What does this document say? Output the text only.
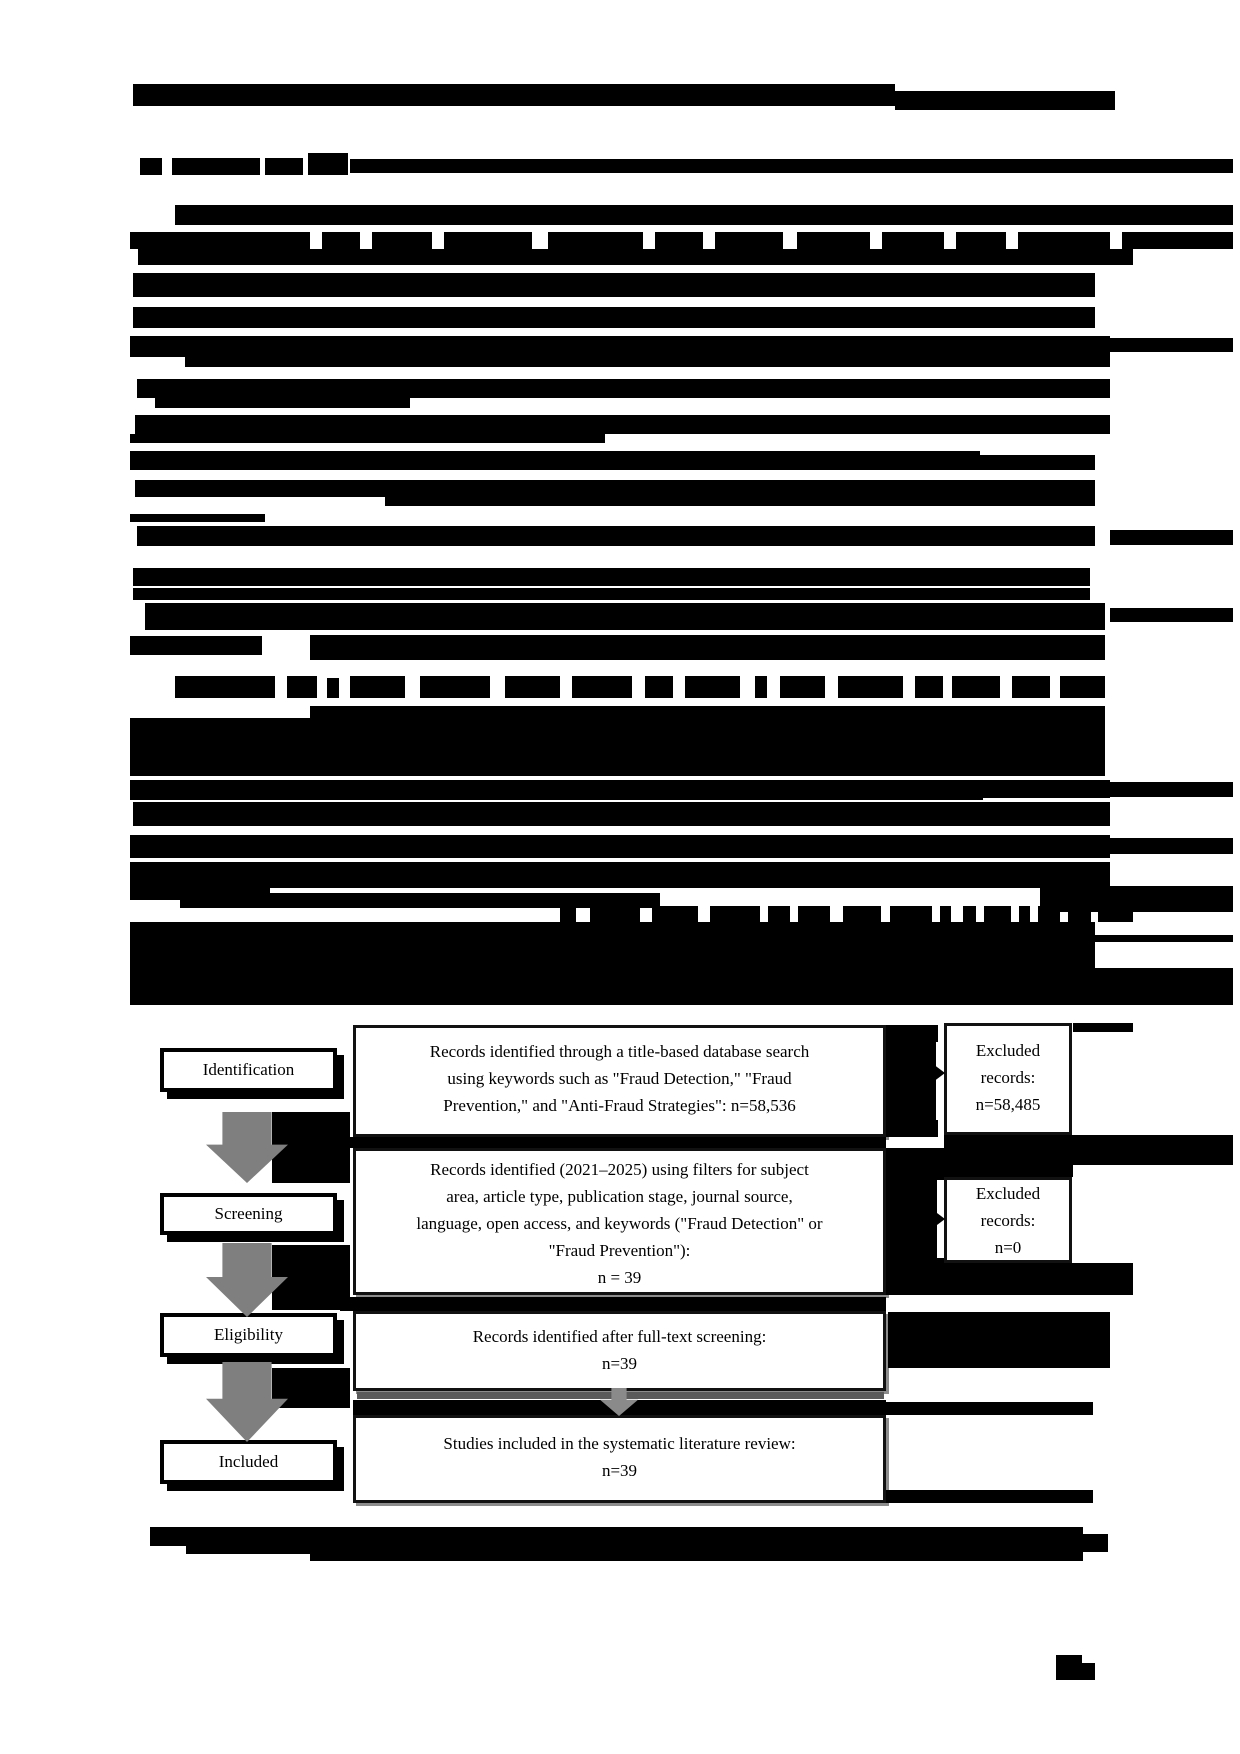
Identification
Screening
Eligibility
Included
Records identified through a title-based database search
using keywords such as "Fraud Detection," "Fraud
Prevention," and "Anti-Fraud Strategies": n=58,536
Records identified (2021–2025) using filters for subject
area, article type, publication stage, journal source,
language, open access, and keywords ("Fraud Detection" or
"Fraud Prevention"):
n = 39
Records identified after full-text screening:
n=39
Studies included in the systematic literature review:
n=39
Excluded
records:
n=58,485
Excluded
records:
n=0
